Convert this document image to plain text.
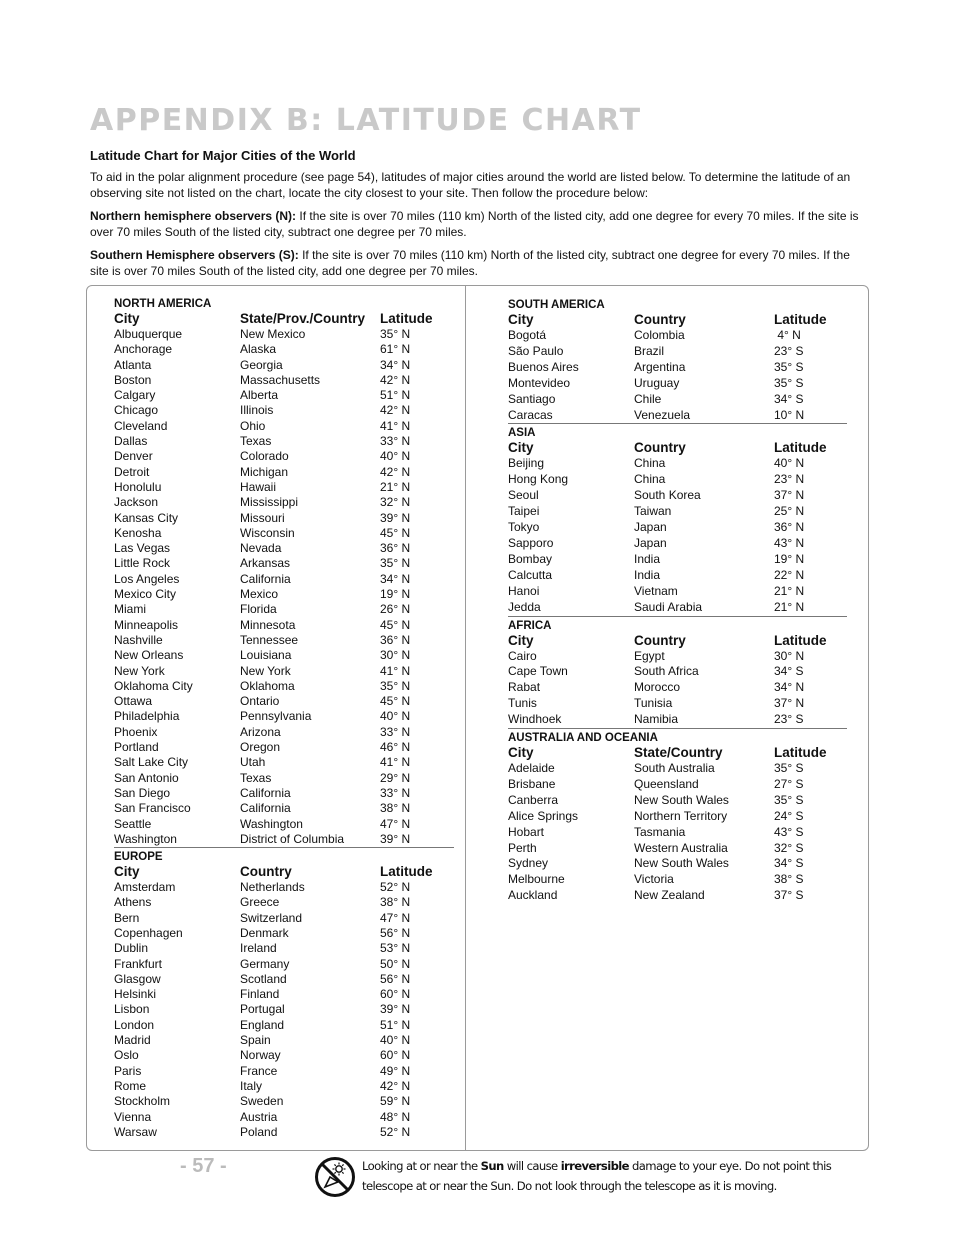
APPENDIX B: LATITUDE CHART
Latitude Chart for Major Cities of the World

To aid in the polar alignment procedure (see page 54), latitudes of major cities around the world are listed below. To determine the latitude of an observing site not listed on the chart, locate the city closest to your site. Then follow the procedure below:

Northern hemisphere observers (N): If the site is over 70 miles (110 km) North of the listed city, add one degree for every 70 miles. If the site is over 70 miles South of the listed city, subtract one degree per 70 miles.

Southern Hemisphere observers (S): If the site is over 70 miles (110 km) North of the listed city, subtract one degree for every 70 miles. If the site is over 70 miles South of the listed city, add one degree per 70 miles.

NORTH AMERICA
City	State/Prov./Country	Latitude
Albuquerque	New Mexico	35° N
Anchorage	Alaska	61° N
Atlanta	Georgia	34° N
Boston	Massachusetts	42° N
Calgary	Alberta	51° N
Chicago	Illinois	42° N
Cleveland	Ohio	41° N
Dallas	Texas	33° N
Denver	Colorado	40° N
Detroit	Michigan	42° N
Honolulu	Hawaii	21° N
Jackson	Mississippi	32° N
Kansas City	Missouri	39° N
Kenosha	Wisconsin	45° N
Las Vegas	Nevada	36° N
Little Rock	Arkansas	35° N
Los Angeles	California	34° N
Mexico City	Mexico	19° N
Miami	Florida	26° N
Minneapolis	Minnesota	45° N
Nashville	Tennessee	36° N
New Orleans	Louisiana	30° N
New York	New York	41° N
Oklahoma City	Oklahoma	35° N
Ottawa	Ontario	45° N
Philadelphia	Pennsylvania	40° N
Phoenix	Arizona	33° N
Portland	Oregon	46° N
Salt Lake City	Utah	41° N
San Antonio	Texas	29° N
San Diego	California	33° N
San Francisco	California	38° N
Seattle	Washington	47° N
Washington	District of Columbia	39° N
EUROPE
City	Country	Latitude
Amsterdam	Netherlands	52° N
Athens	Greece	38° N
Bern	Switzerland	47° N
Copenhagen	Denmark	56° N
Dublin	Ireland	53° N
Frankfurt	Germany	50° N
Glasgow	Scotland	56° N
Helsinki	Finland	60° N
Lisbon	Portugal	39° N
London	England	51° N
Madrid	Spain	40° N
Oslo	Norway	60° N
Paris	France	49° N
Rome	Italy	42° N
Stockholm	Sweden	59° N
Vienna	Austria	48° N
Warsaw	Poland	52° N
SOUTH AMERICA
City	Country	Latitude
Bogotá	Colombia	4° N
São Paulo	Brazil	23° S
Buenos Aires	Argentina	35° S
Montevideo	Uruguay	35° S
Santiago	Chile	34° S
Caracas	Venezuela	10° N
ASIA
City	Country	Latitude
Beijing	China	40° N
Hong Kong	China	23° N
Seoul	South Korea	37° N
Taipei	Taiwan	25° N
Tokyo	Japan	36° N
Sapporo	Japan	43° N
Bombay	India	19° N
Calcutta	India	22° N
Hanoi	Vietnam	21° N
Jedda	Saudi Arabia	21° N
AFRICA
City	Country	Latitude
Cairo	Egypt	30° N
Cape Town	South Africa	34° S
Rabat	Morocco	34° N
Tunis	Tunisia	37° N
Windhoek	Namibia	23° S
AUSTRALIA AND OCEANIA
City	State/Country	Latitude
Adelaide	South Australia	35° S
Brisbane	Queensland	27° S
Canberra	New South Wales	35° S
Alice Springs	Northern Territory	24° S
Hobart	Tasmania	43° S
Perth	Western Australia	32° S
Sydney	New South Wales	34° S
Melbourne	Victoria	38° S
Auckland	New Zealand	37° S
- 57 -	Looking at or near the Sun will cause irreversible damage to your eye. Do not point this telescope at or near the Sun. Do not look through the telescope as it is moving.
